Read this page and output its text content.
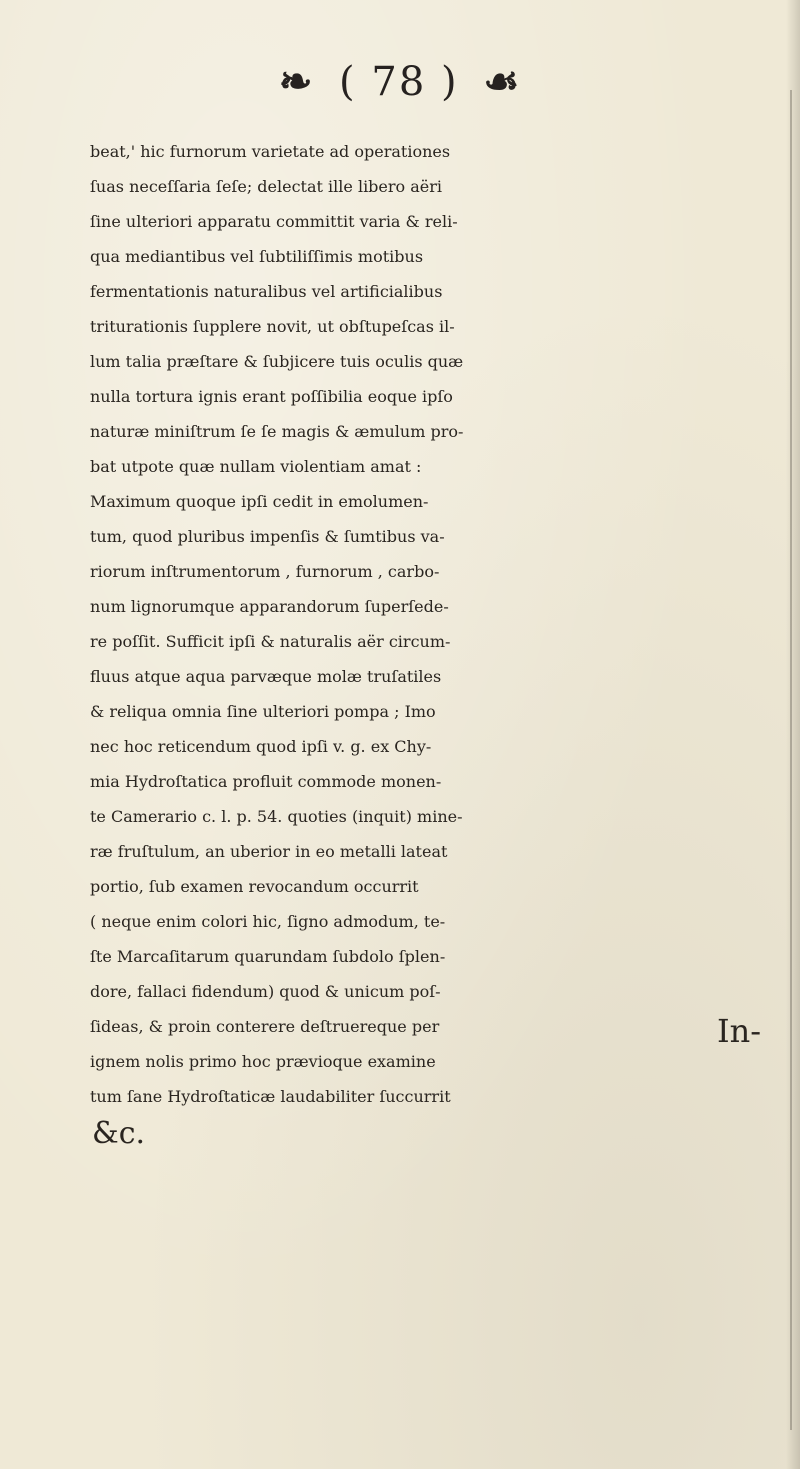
❧ ( 78 ) ☙
beat,' hic furnorum varietate ad operationes
ſuas neceſſaria ſeſe; delectat ille libero aëri
ſine ulteriori apparatu committit varia & reli-
qua mediantibus vel ſubtiliſſimis motibus
fermentationis naturalibus vel artificialibus
triturationis ſupplere novit, ut obſtupeſcas il-
lum talia præſtare & ſubjicere tuis oculis quæ
nulla tortura ignis erant poſſibilia eoque ipſo
naturæ miniſtrum ſe ſe magis & æmulum pro-
bat utpote quæ nullam violentiam amat :
Maximum quoque ipſi cedit in emolumen-
tum, quod pluribus impenſis & ſumtibus va-
riorum inſtrumentorum , furnorum , carbo-
num lignorumque apparandorum ſuperſede-
re poſſit. Sufficit ipſi & naturalis aër circum-
fluus atque aqua parvæque molæ truſatiles
& reliqua omnia ſine ulteriori pompa ; Imo
nec hoc reticendum quod ipſi v. g. ex Chy-
mia Hydroſtatica profluit commode monen-
te Camerario c. l. p. 54. quoties (inquit) mine-
ræ fruſtulum, an uberior in eo metalli lateat
portio, ſub examen revocandum occurrit
( neque enim colori hic, ſigno admodum, te-
ſte Marcaſitarum quarundam ſubdolo ſplen-
dore, fallaci fidendum) quod & unicum poſ-
ſideas, & proin conterere deſtruereque per
ignem nolis primo hoc prævioque examine
tum ſane Hydroſtaticæ laudabiliter ſuccurrit
&c.
In-
